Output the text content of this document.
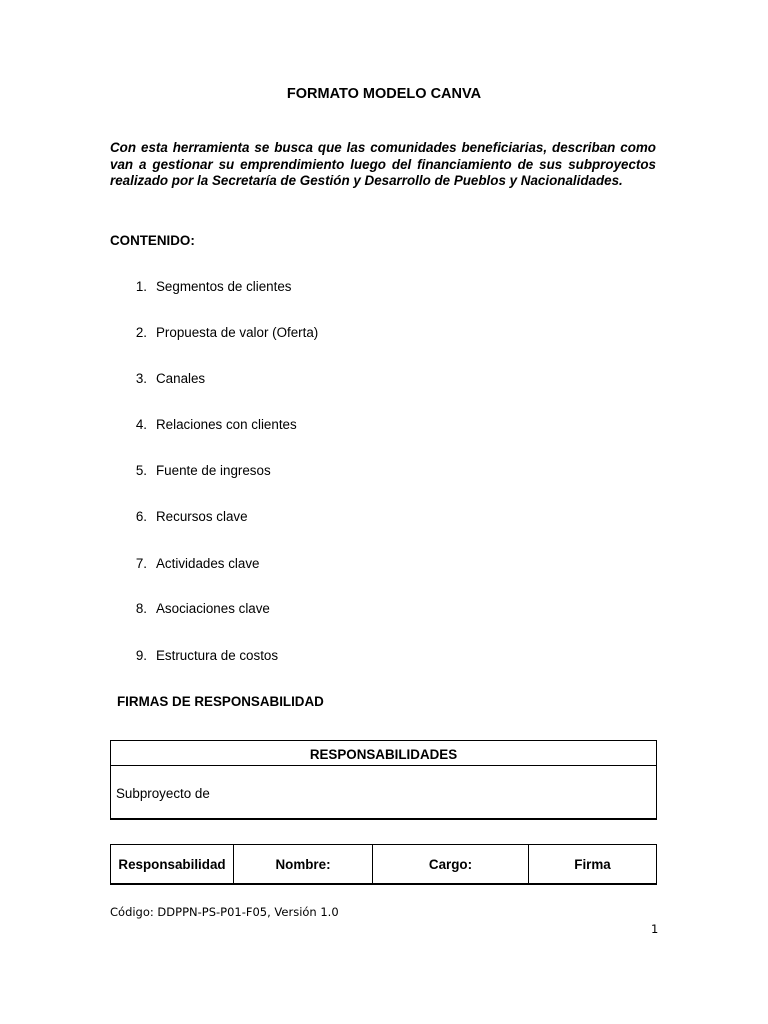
FORMATO MODELO CANVA
Con esta herramienta se busca que las comunidades beneficiarias, describan como van a gestionar su emprendimiento luego del financiamiento de sus subproyectos realizado por la Secretaría de Gestión y Desarrollo de Pueblos y Nacionalidades.
CONTENIDO:
1. Segmentos de clientes
2. Propuesta de valor (Oferta)
3. Canales
4. Relaciones con clientes
5. Fuente de ingresos
6. Recursos clave
7. Actividades clave
8. Asociaciones clave
9. Estructura de costos
FIRMAS DE RESPONSABILIDAD
RESPONSABILIDADES
Subproyecto de
Responsabilidad	Nombre:	Cargo:	Firma
Código: DDPPN-PS-P01-F05, Versión 1.0
1
